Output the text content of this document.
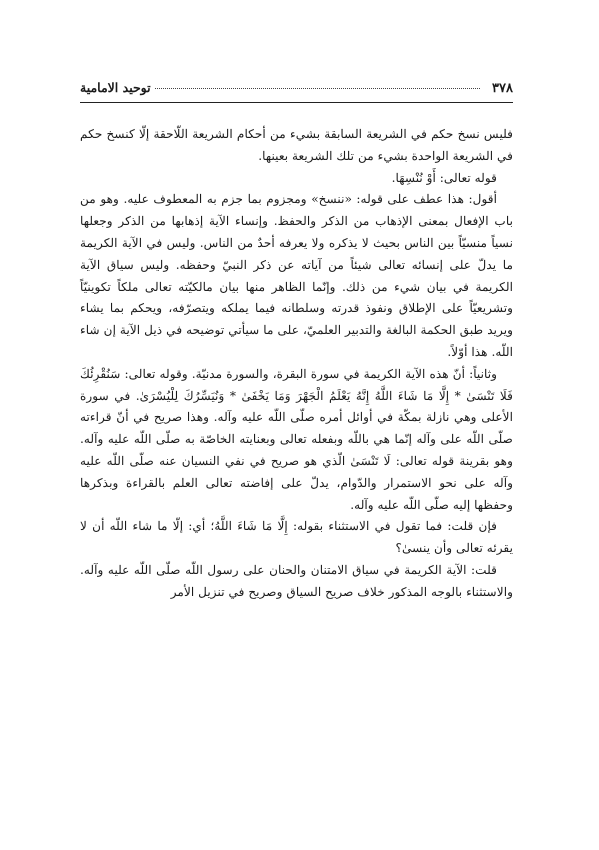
٣٧٨
توحيد الامامية

فليس نسخ حكم في الشريعة السابقة بشيء من أحكام الشريعة اللّاحقة إلّا كنسخ حكم في الشريعة الواحدة بشيء من تلك الشريعة بعينها.

قوله تعالى: أَوْ نُنْسِهَا.

أقول: هذا عطف على قوله: «ننسخ» ومجزوم بما جزم به المعطوف عليه. وهو من باب الإفعال بمعنى الإذهاب من الذكر والحفظ. وإنساء الآية إذهابها من الذكر وجعلها نسياً منسيّاً بين الناس بحيث لا يذكره ولا يعرفه أحدٌ من الناس. وليس في الآية الكريمة ما يدلّ على إنسائه تعالى شيئاً من آياته عن ذكر النبيّ وحفظه. وليس سياق الآية الكريمة في بيان شيء من ذلك. وإنّما الظاهر منها بيان مالكيّته تعالى ملكاً تكوينيّاً وتشريعيّاً على الإطلاق ونفوذ قدرته وسلطانه فيما يملكه ويتصرّفه، ويحكم بما يشاء ويريد طبق الحكمة البالغة والتدبير العلميّ، على ما سيأتي توضيحه في ذيل الآية إن شاء اللّه. هذا أوّلاً.

وثانياً: أنّ هذه الآية الكريمة في سورة البقرة، والسورة مدنيّة. وقوله تعالى: سَنُقْرِئُكَ فَلَا تَنْسَىٰ * إِلَّا مَا شَاءَ اللَّهُ إِنَّهُ يَعْلَمُ الْجَهْرَ وَمَا يَخْفَىٰ * وَنُيَسِّرُكَ لِلْيُسْرَىٰ. في سورة الأعلى وهي نازلة بمكّة في أوائل أمره صلّى اللّه عليه وآله. وهذا صريح في أنّ قراءته صلّى اللّه على وآله إنّما هي باللّه وبفعله تعالى وبعنايته الخاصّة به صلّى اللّه عليه وآله. وهو بقرينة قوله تعالى: لَا تَنْسَىٰ الّذي هو صريح في نفي النسيان عنه صلّى اللّه عليه وآله على نحو الاستمرار والدّوام، يدلّ على إفاضته تعالى العلم بالقراءة وبذكرها وحفظها إليه صلّى اللّه عليه وآله.

فإن قلت: فما تقول في الاستثناء بقوله: إِلَّا مَا شَاءَ اللَّهُ؛ أي: إلّا ما شاء اللّه أن لا يقرئه تعالى وأن ينسىٰ؟

قلت: الآية الكريمة في سياق الامتنان والحنان على رسول اللّه صلّى اللّه عليه وآله. والاستثناء بالوجه المذكور خلاف صريح السياق وصريح في تنزيل الأمر
